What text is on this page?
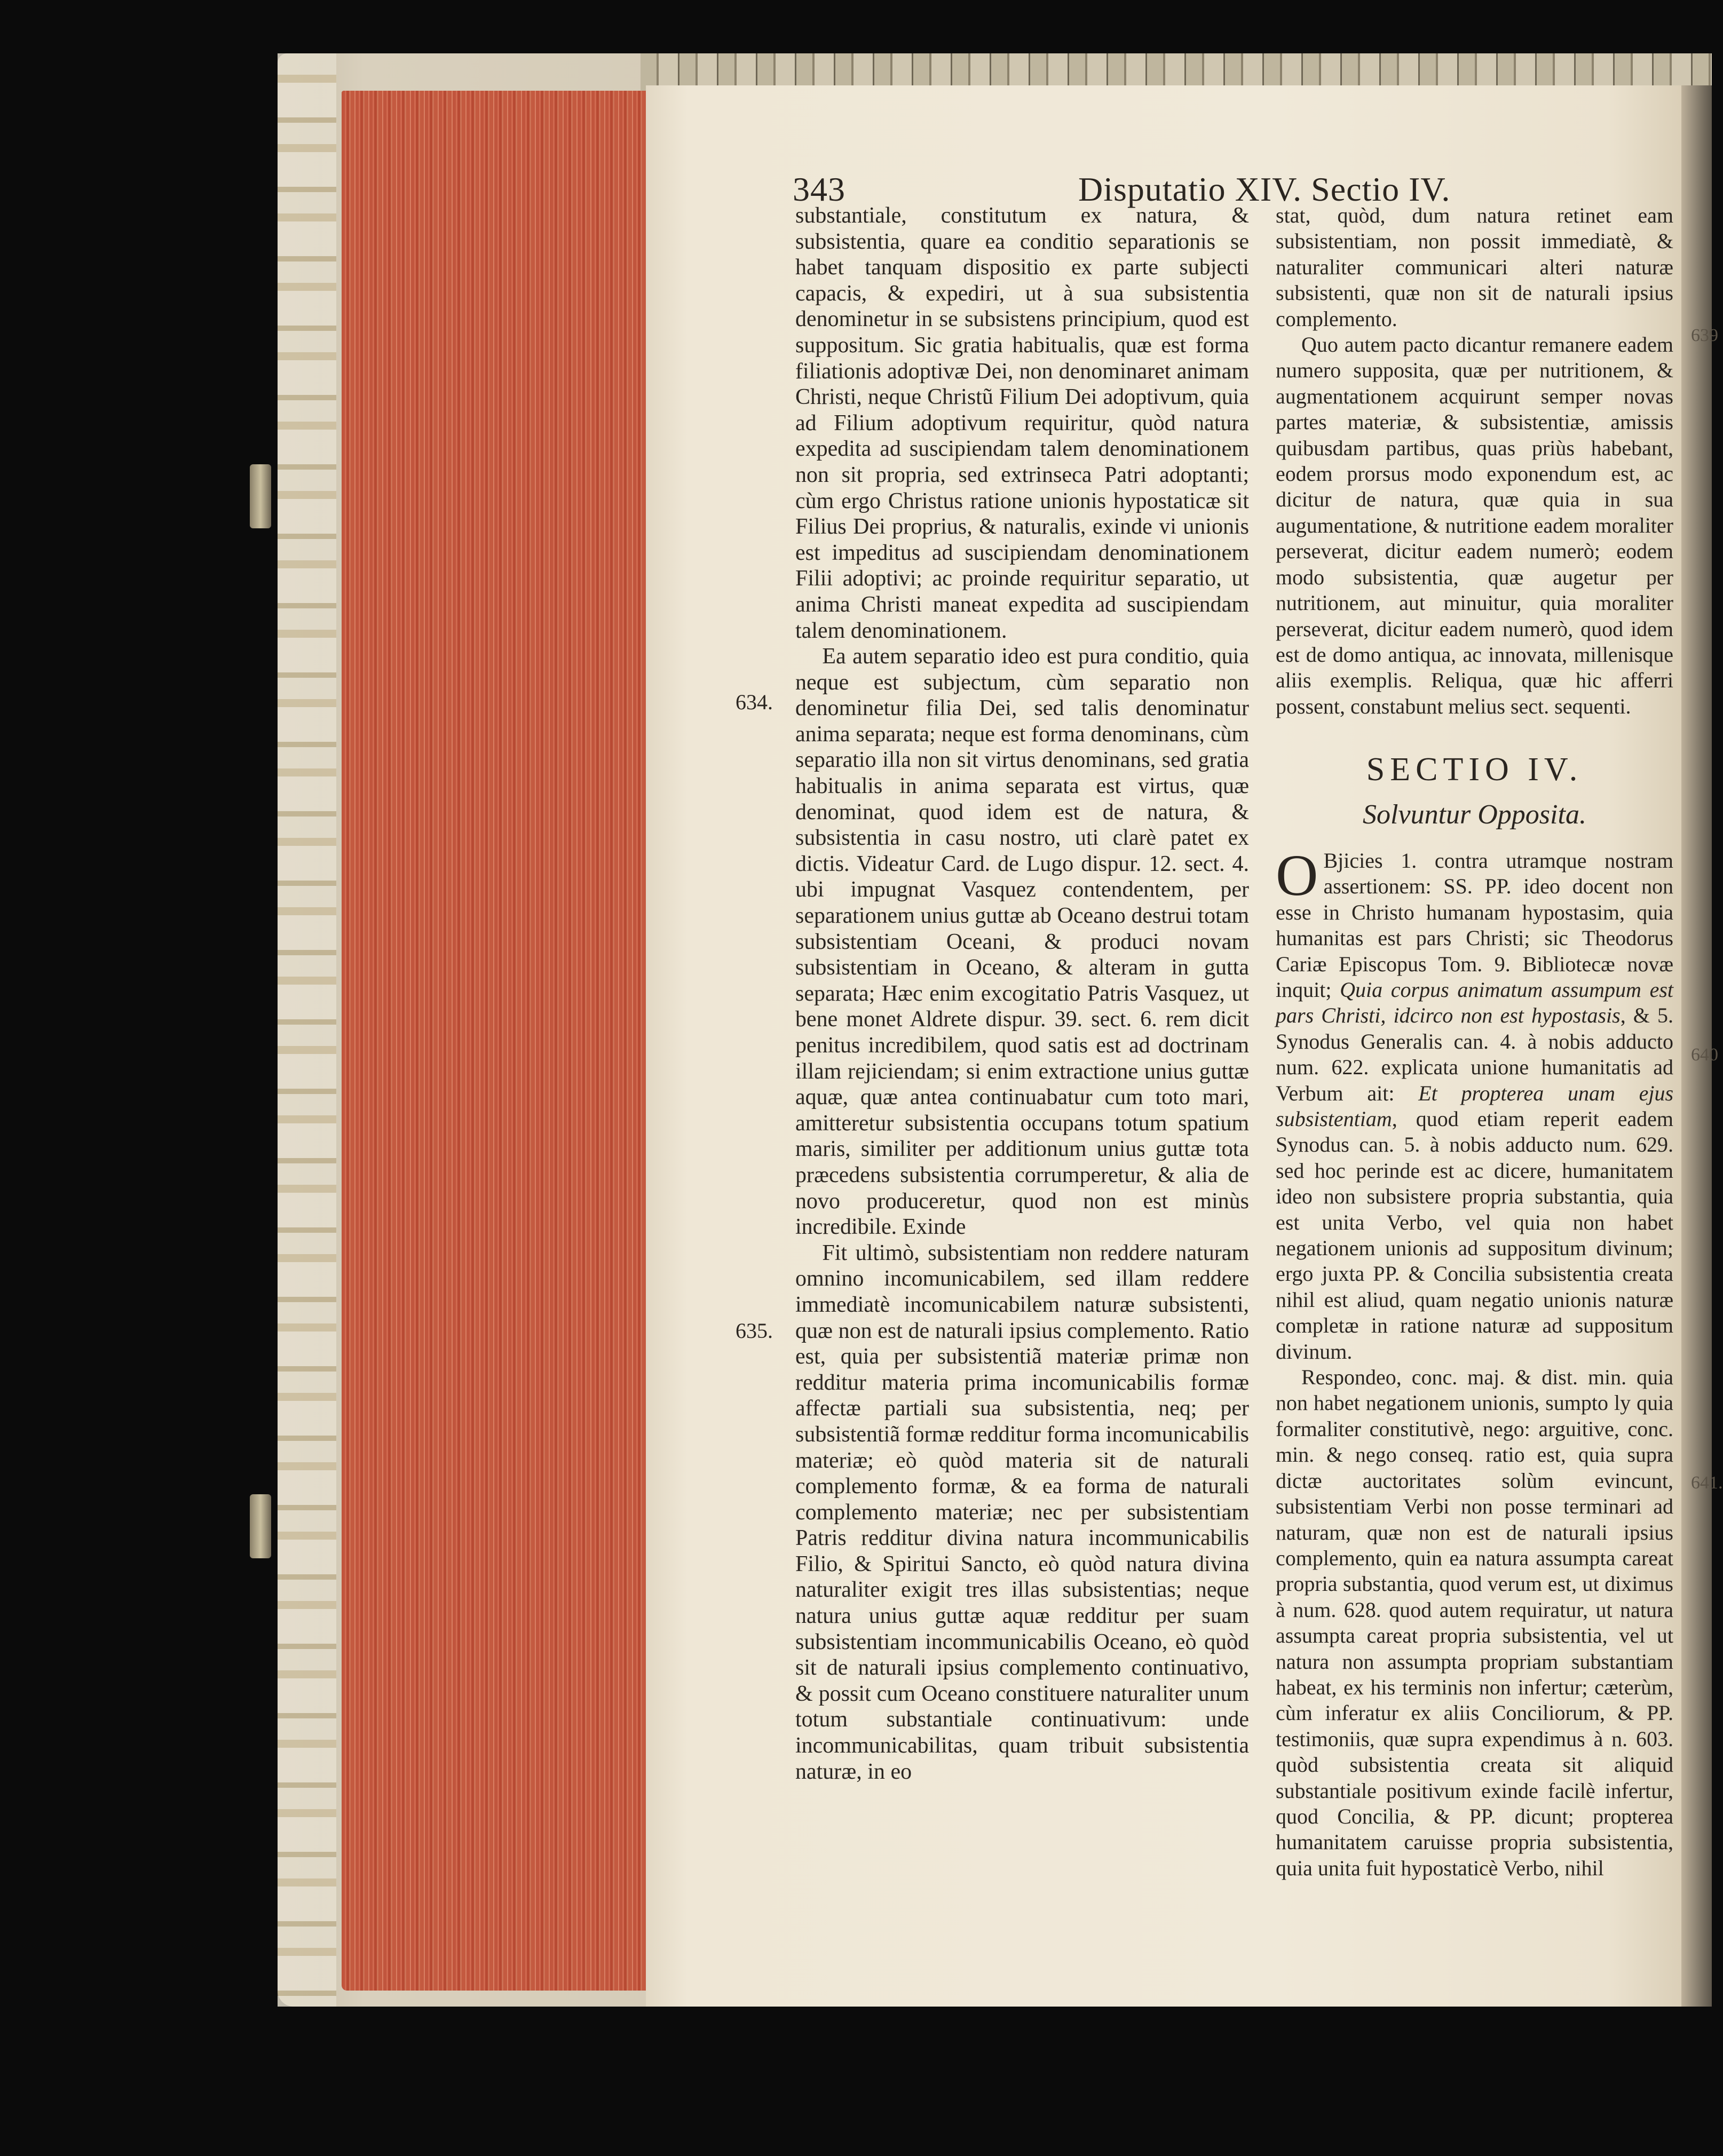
343	Disputatio XIV. Sectio IV.
634.
635.
639
640
641.

substantiale, constitutum ex natura, & subsistentia, quare ea conditio separationis se habet tanquam dispositio ex parte subjecti capacis, & expediri, ut à sua subsistentia denominetur in se subsistens principium, quod est suppositum. Sic gratia habitualis, quæ est forma filiationis adoptivæ Dei, non denominaret animam Christi, neque Christũ Filium Dei adoptivum, quia ad Filium adoptivum requiritur, quòd natura expedita ad suscipiendam talem denominationem non sit propria, sed extrinseca Patri adoptanti; cùm ergo Christus ratione unionis hypostaticæ sit Filius Dei proprius, & naturalis, exinde vi unionis est impeditus ad suscipiendam denominationem Filii adoptivi; ac proinde requiritur separatio, ut anima Christi maneat expedita ad suscipiendam talem denominationem.

Ea autem separatio ideo est pura conditio, quia neque est subjectum, cùm separatio non denominetur filia Dei, sed talis denominatur anima separata; neque est forma denominans, cùm separatio illa non sit virtus denominans, sed gratia habitualis in anima separata est virtus, quæ denominat, quod idem est de natura, & subsistentia in casu nostro, uti clarè patet ex dictis. Videatur Card. de Lugo dispur. 12. sect. 4. ubi impugnat Vasquez contendentem, per separationem unius guttæ ab Oceano destrui totam subsistentiam Oceani, & produci novam subsistentiam in Oceano, & alteram in gutta separata; Hæc enim excogitatio Patris Vasquez, ut bene monet Aldrete dispur. 39. sect. 6. rem dicit penitus incredibilem, quod satis est ad doctrinam illam rejiciendam; si enim extractione unius guttæ aquæ, quæ antea continuabatur cum toto mari, amitteretur subsistentia occupans totum spatium maris, similiter per additionum unius guttæ tota præcedens subsistentia corrumperetur, & alia de novo produceretur, quod non est minùs incredibile. Exinde

Fit ultimò, subsistentiam non reddere naturam omnino incomunicabilem, sed illam reddere immediatè incomunicabilem naturæ subsistenti, quæ non est de naturali ipsius complemento. Ratio est, quia per subsistentiã materiæ primæ non redditur materia prima incomunicabilis formæ affectæ partiali sua subsistentia, neq; per subsistentiã formæ redditur forma incomunicabilis materiæ; eò quòd materia sit de naturali complemento formæ, & ea forma de naturali complemento materiæ; nec per subsistentiam Patris redditur divina natura incommunicabilis Filio, & Spiritui Sancto, eò quòd natura divina naturaliter exigit tres illas subsistentias; neque natura unius guttæ aquæ redditur per suam subsistentiam incommunicabilis Oceano, eò quòd sit de naturali ipsius complemento continuativo, & possit cum Oceano constituere naturaliter unum totum substantiale continuativum: unde incommunicabilitas, quam tribuit subsistentia naturæ, in eo

stat, quòd, dum natura retinet eam subsistentiam, non possit immediatè, & naturaliter communicari alteri naturæ subsistenti, quæ non sit de naturali ipsius complemento.

Quo autem pacto dicantur remanere eadem numero supposita, quæ per nutritionem, & augmentationem acquirunt semper novas partes materiæ, & subsistentiæ, amissis quibusdam partibus, quas priùs habebant, eodem prorsus modo exponendum est, ac dicitur de natura, quæ quia in sua augumentatione, & nutritione eadem moraliter perseverat, dicitur eadem numerò; eodem modo subsistentia, quæ augetur per nutritionem, aut minuitur, quia moraliter perseverat, dicitur eadem numerò, quod idem est de domo antiqua, ac innovata, millenisque aliis exemplis. Reliqua, quæ hic afferri possent, constabunt melius sect. sequenti.

SECTIO IV.
Solvuntur Opposita.

O Bjicies 1. contra utramque nostram assertionem: SS. PP. ideo docent non esse in Christo humanam hypostasim, quia humanitas est pars Christi; sic Theodorus Cariæ Episcopus Tom. 9. Bibliotecæ novæ inquit; Quia corpus animatum assumpum est pars Christi, idcirco non est hypostasis, & 5. Synodus Generalis can. 4. à nobis adducto num. 622. explicata unione humanitatis ad Verbum ait: Et propterea unam ejus subsistentiam, quod etiam reperit eadem Synodus can. 5. à nobis adducto num. 629. sed hoc perinde est ac dicere, humanitatem ideo non subsistere propria substantia, quia est unita Verbo, vel quia non habet negationem unionis ad suppositum divinum; ergo juxta PP. & Concilia subsistentia creata nihil est aliud, quam negatio unionis naturæ completæ in ratione naturæ ad suppositum divinum.

Respondeo, conc. maj. & dist. min. quia non habet negationem unionis, sumpto ly quia formaliter constitutivè, nego: arguitive, conc. min. & nego conseq. ratio est, quia supra dictæ auctoritates solùm evincunt, subsistentiam Verbi non posse terminari ad naturam, quæ non est de naturali ipsius complemento, quin ea natura assumpta careat propria substantia, quod verum est, ut diximus à num. 628. quod autem requiratur, ut natura assumpta careat propria subsistentia, vel ut natura non assumpta propriam substantiam habeat, ex his terminis non infertur; cæterùm, cùm inferatur ex aliis Conciliorum, & PP. testimoniis, quæ supra expendimus à n. 603. quòd subsistentia creata sit aliquid substantiale positivum exinde facilè infertur, quod Concilia, & PP. dicunt; propterea humanitatem caruisse propria subsistentia, quia unita fuit hypostaticè Verbo, nihil
